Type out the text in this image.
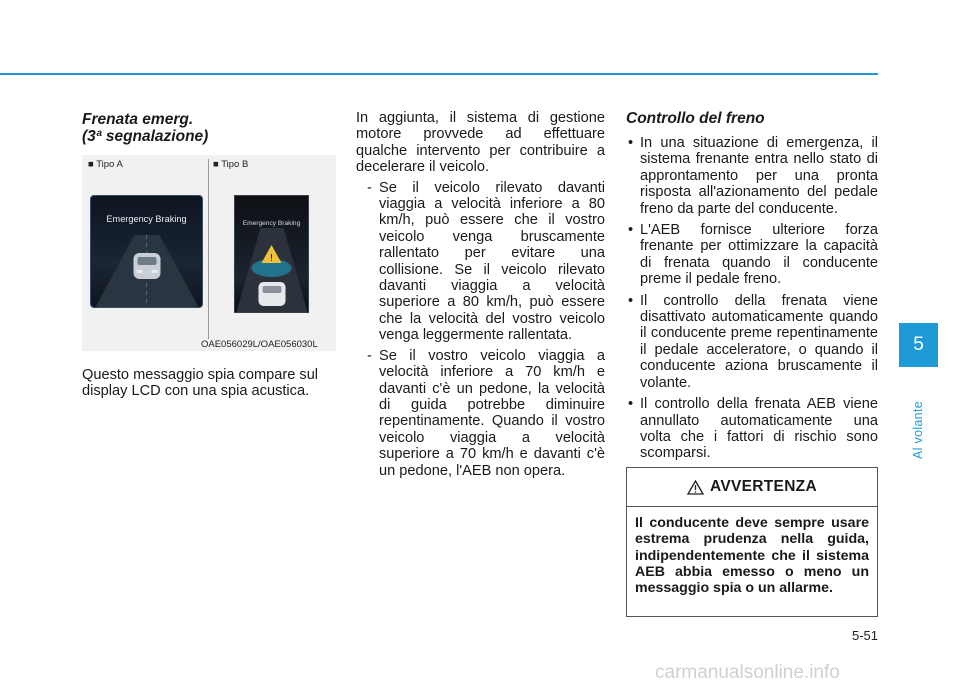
Frenata emerg.
(3ª segnalazione)
■ Tipo A	■ Tipo B
Emergency Braking	Emergency Braking
!
OAE056029L/OAE056030L
Questo messaggio spia compare sul display LCD con una spia acustica.
In aggiunta, il sistema di gestione motore provvede ad effettuare qualche intervento per contribuire a decelerare il veicolo.
- Se il veicolo rilevato davanti viaggia a velocità inferiore a 80 km/h, può essere che il vostro veicolo venga bruscamente rallentato per evitare una collisione. Se il veicolo rilevato davanti viaggia a velocità superiore a 80 km/h, può essere che la velocità del vostro veicolo venga leggermente rallentata.
- Se il vostro veicolo viaggia a velocità inferiore a 70 km/h e davanti c'è un pedone, la velocità di guida potrebbe diminuire repentinamente. Quando il vostro veicolo viaggia a velocità superiore a 70 km/h e davanti c'è un pedone, l'AEB non opera.
Controllo del freno
• In una situazione di emergenza, il sistema frenante entra nello stato di approntamento per una pronta risposta all'azionamento del pedale freno da parte del conducente.
• L'AEB fornisce ulteriore forza frenante per ottimizzare la capacità di frenata quando il conducente preme il pedale freno.
• Il controllo della frenata viene disattivato automaticamente quando il conducente preme repentinamente il pedale acceleratore, o quando il conducente aziona bruscamente il volante.
• Il controllo della frenata AEB viene annullato automaticamente una volta che i fattori di rischio sono scomparsi.
AVVERTENZA
Il conducente deve sempre usare estrema prudenza nella guida, indipendentemente che il sistema AEB abbia emesso o meno un messaggio spia o un allarme.
5
Al volante
5-51
carmanualsonline.info
